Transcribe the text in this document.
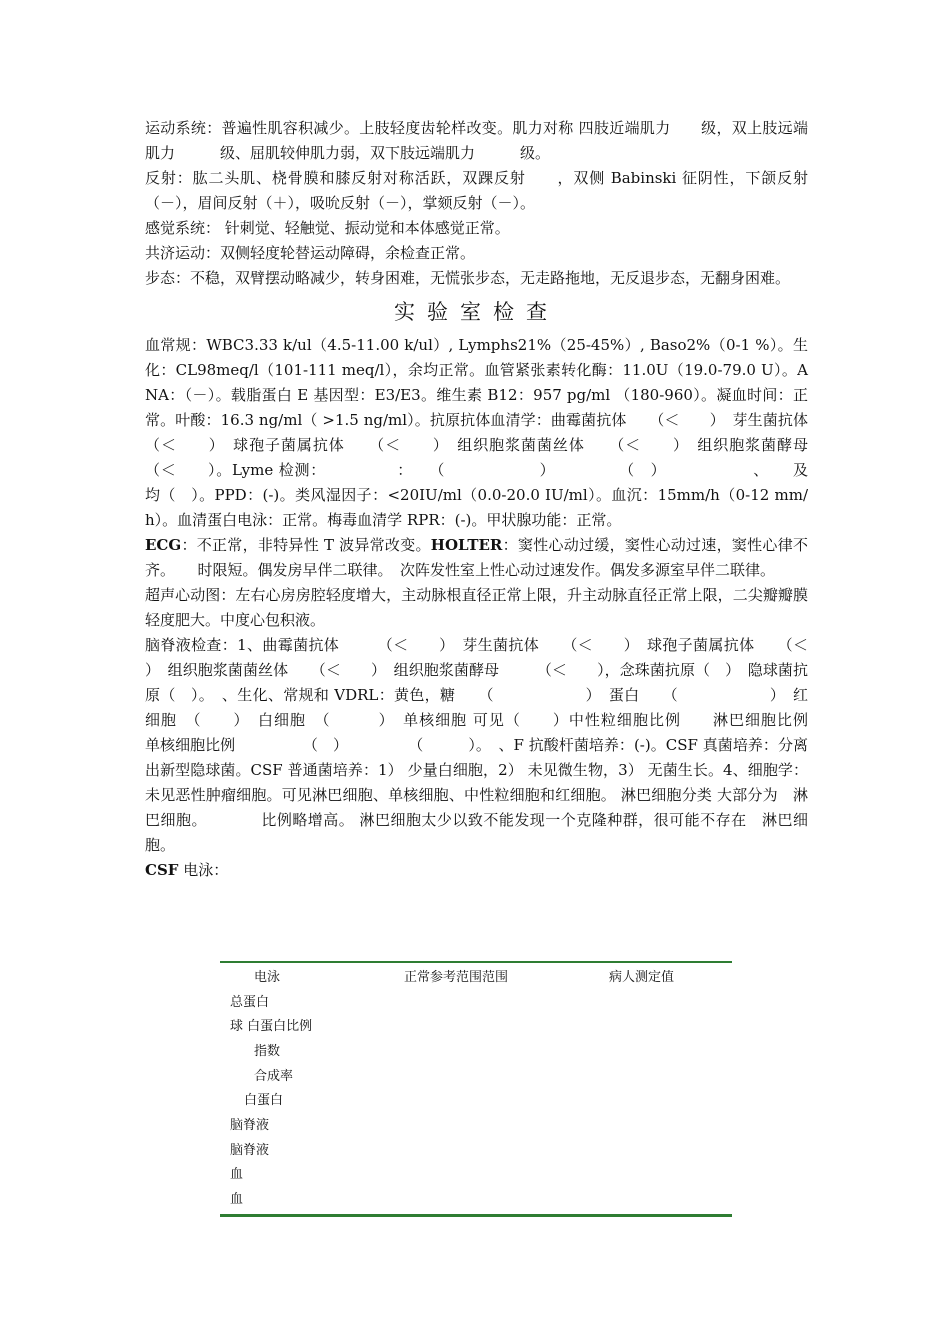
运动系统：普遍性肌容积减少。上肢轻度齿轮样改变。肌力对称 四肢近端肌力　　级，双上肢远端肌力　　　级、屈肌较伸肌力弱，双下肢远端肌力　　　级。

反射：肱二头肌、桡骨膜和膝反射对称活跃，双踝反射　　，双侧 Babinski 征阴性，下颌反射（－），眉间反射（＋），吸吮反射（－），掌颏反射（－）。

感觉系统： 针刺觉、轻触觉、振动觉和本体感觉正常。

共济运动：双侧轻度轮替运动障碍，余检查正常。

步态：不稳，双臂摆动略减少，转身困难，无慌张步态，无走路拖地，无反退步态，无翻身困难。

实验室检查

血常规：WBC3.33 k/ul（4.5-11.00 k/ul）, Lymphs21%（25-45%）, Baso2%（0-1 %）。生化：CL98meq/l（101-111 meq/l），余均正常。血管紧张素转化酶：11.0U（19.0-79.0 U）。ANA：（－）。载脂蛋白 E 基因型：E3/E3。维生素 B12：957 pg/ml （180-960）。凝血时间：正常。叶酸：16.3 ng/ml（ >1.5 ng/ml）。抗原抗体血清学：曲霉菌抗体　　（＜　　）　芽生菌抗体　　（＜　　）　球孢子菌属抗体　　（＜　　）　组织胞浆菌菌丝体　　（＜　　）　组织胞浆菌酵母　　　（＜　　）。Lyme 检测：　　　　　：　　（　　　　　　）　　　　　（　）　　　　　　、　　及　　均（　）。PPD：(-)。类风湿因子：<20IU/ml（0.0-20.0 IU/ml）。血沉：15mm/h（0-12 mm/h）。血清蛋白电泳：正常。梅毒血清学 RPR：(-)。甲状腺功能：正常。

ECG：不正常，非特异性 T 波异常改变。HOLTER：窦性心动过缓，窦性心动过速，窦性心律不齐。　　时限短。偶发房早伴二联律。　次阵发性室上性心动过速发作。偶发多源室早伴二联律。

超声心动图：左右心房房腔轻度增大，主动脉根直径正常上限，升主动脉直径正常上限，二尖瓣瓣膜轻度肥大。中度心包积液。

脑脊液检查：1、曲霉菌抗体　　　（＜　　）　芽生菌抗体　　（＜　　）　球孢子菌属抗体　　（＜　　）　组织胞浆菌菌丝体　　（＜　　）　组织胞浆菌酵母　　　（＜　　），念珠菌抗原（　）　隐球菌抗原（　）。　、生化、常规和 VDRL：黄色，糖　　（　　　　　　）　蛋白　　（　　　　　　）　红细胞　（　　）　白细胞　（　　　）　单核细胞 可见（　　）中性粒细胞比例　　淋巴细胞比例　　单核细胞比例　　　　　（　）　　　　　（　　　）。　、F 抗酸杆菌培养：(-)。CSF 真菌培养：分离出新型隐球菌。CSF 普通菌培养：1） 少量白细胞，2） 未见微生物，3） 无菌生长。4、细胞学：未见恶性肿瘤细胞。可见淋巴细胞、单核细胞、中性粒细胞和红细胞。 淋巴细胞分类 大部分为　淋巴细胞。　　　　比例略增高。 淋巴细胞太少以致不能发现一个克隆种群，很可能不存在　淋巴细胞。

CSF 电泳：

电泳	正常参考范围范围	病人测定值
总蛋白		
球 白蛋白比例		
指数		
合成率		
白蛋白		
脑脊液		
脑脊液		
血		
血		
